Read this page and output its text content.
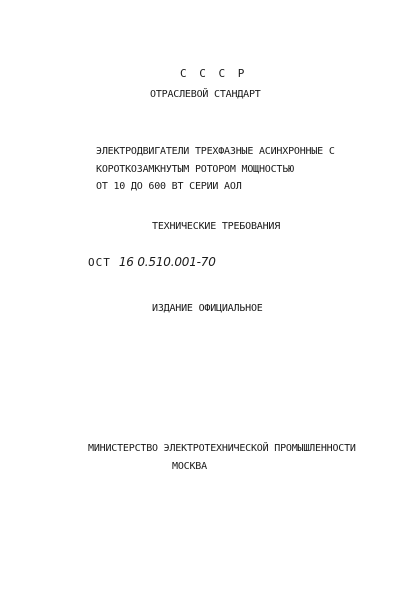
С С С Р

ОТРАСЛЕВОЙ СТАНДАРТ

ЭЛЕКТРОДВИГАТЕЛИ ТРЕХФАЗНЫЕ АСИНХРОННЫЕ С

КОРОТКОЗАМКНУТЫМ РОТОРОМ МОЩНОСТЬЮ

ОТ 10 ДО 600 ВТ СЕРИИ АОЛ

ТЕХНИЧЕСКИЕ ТРЕБОВАНИЯ

ОСТ 16 0.510.001-70

ИЗДАНИЕ ОФИЦИАЛЬНОЕ

МИНИСТЕРСТВО ЭЛЕКТРОТЕХНИЧЕСКОЙ ПРОМЫШЛЕННОСТИ

МОСКВА
